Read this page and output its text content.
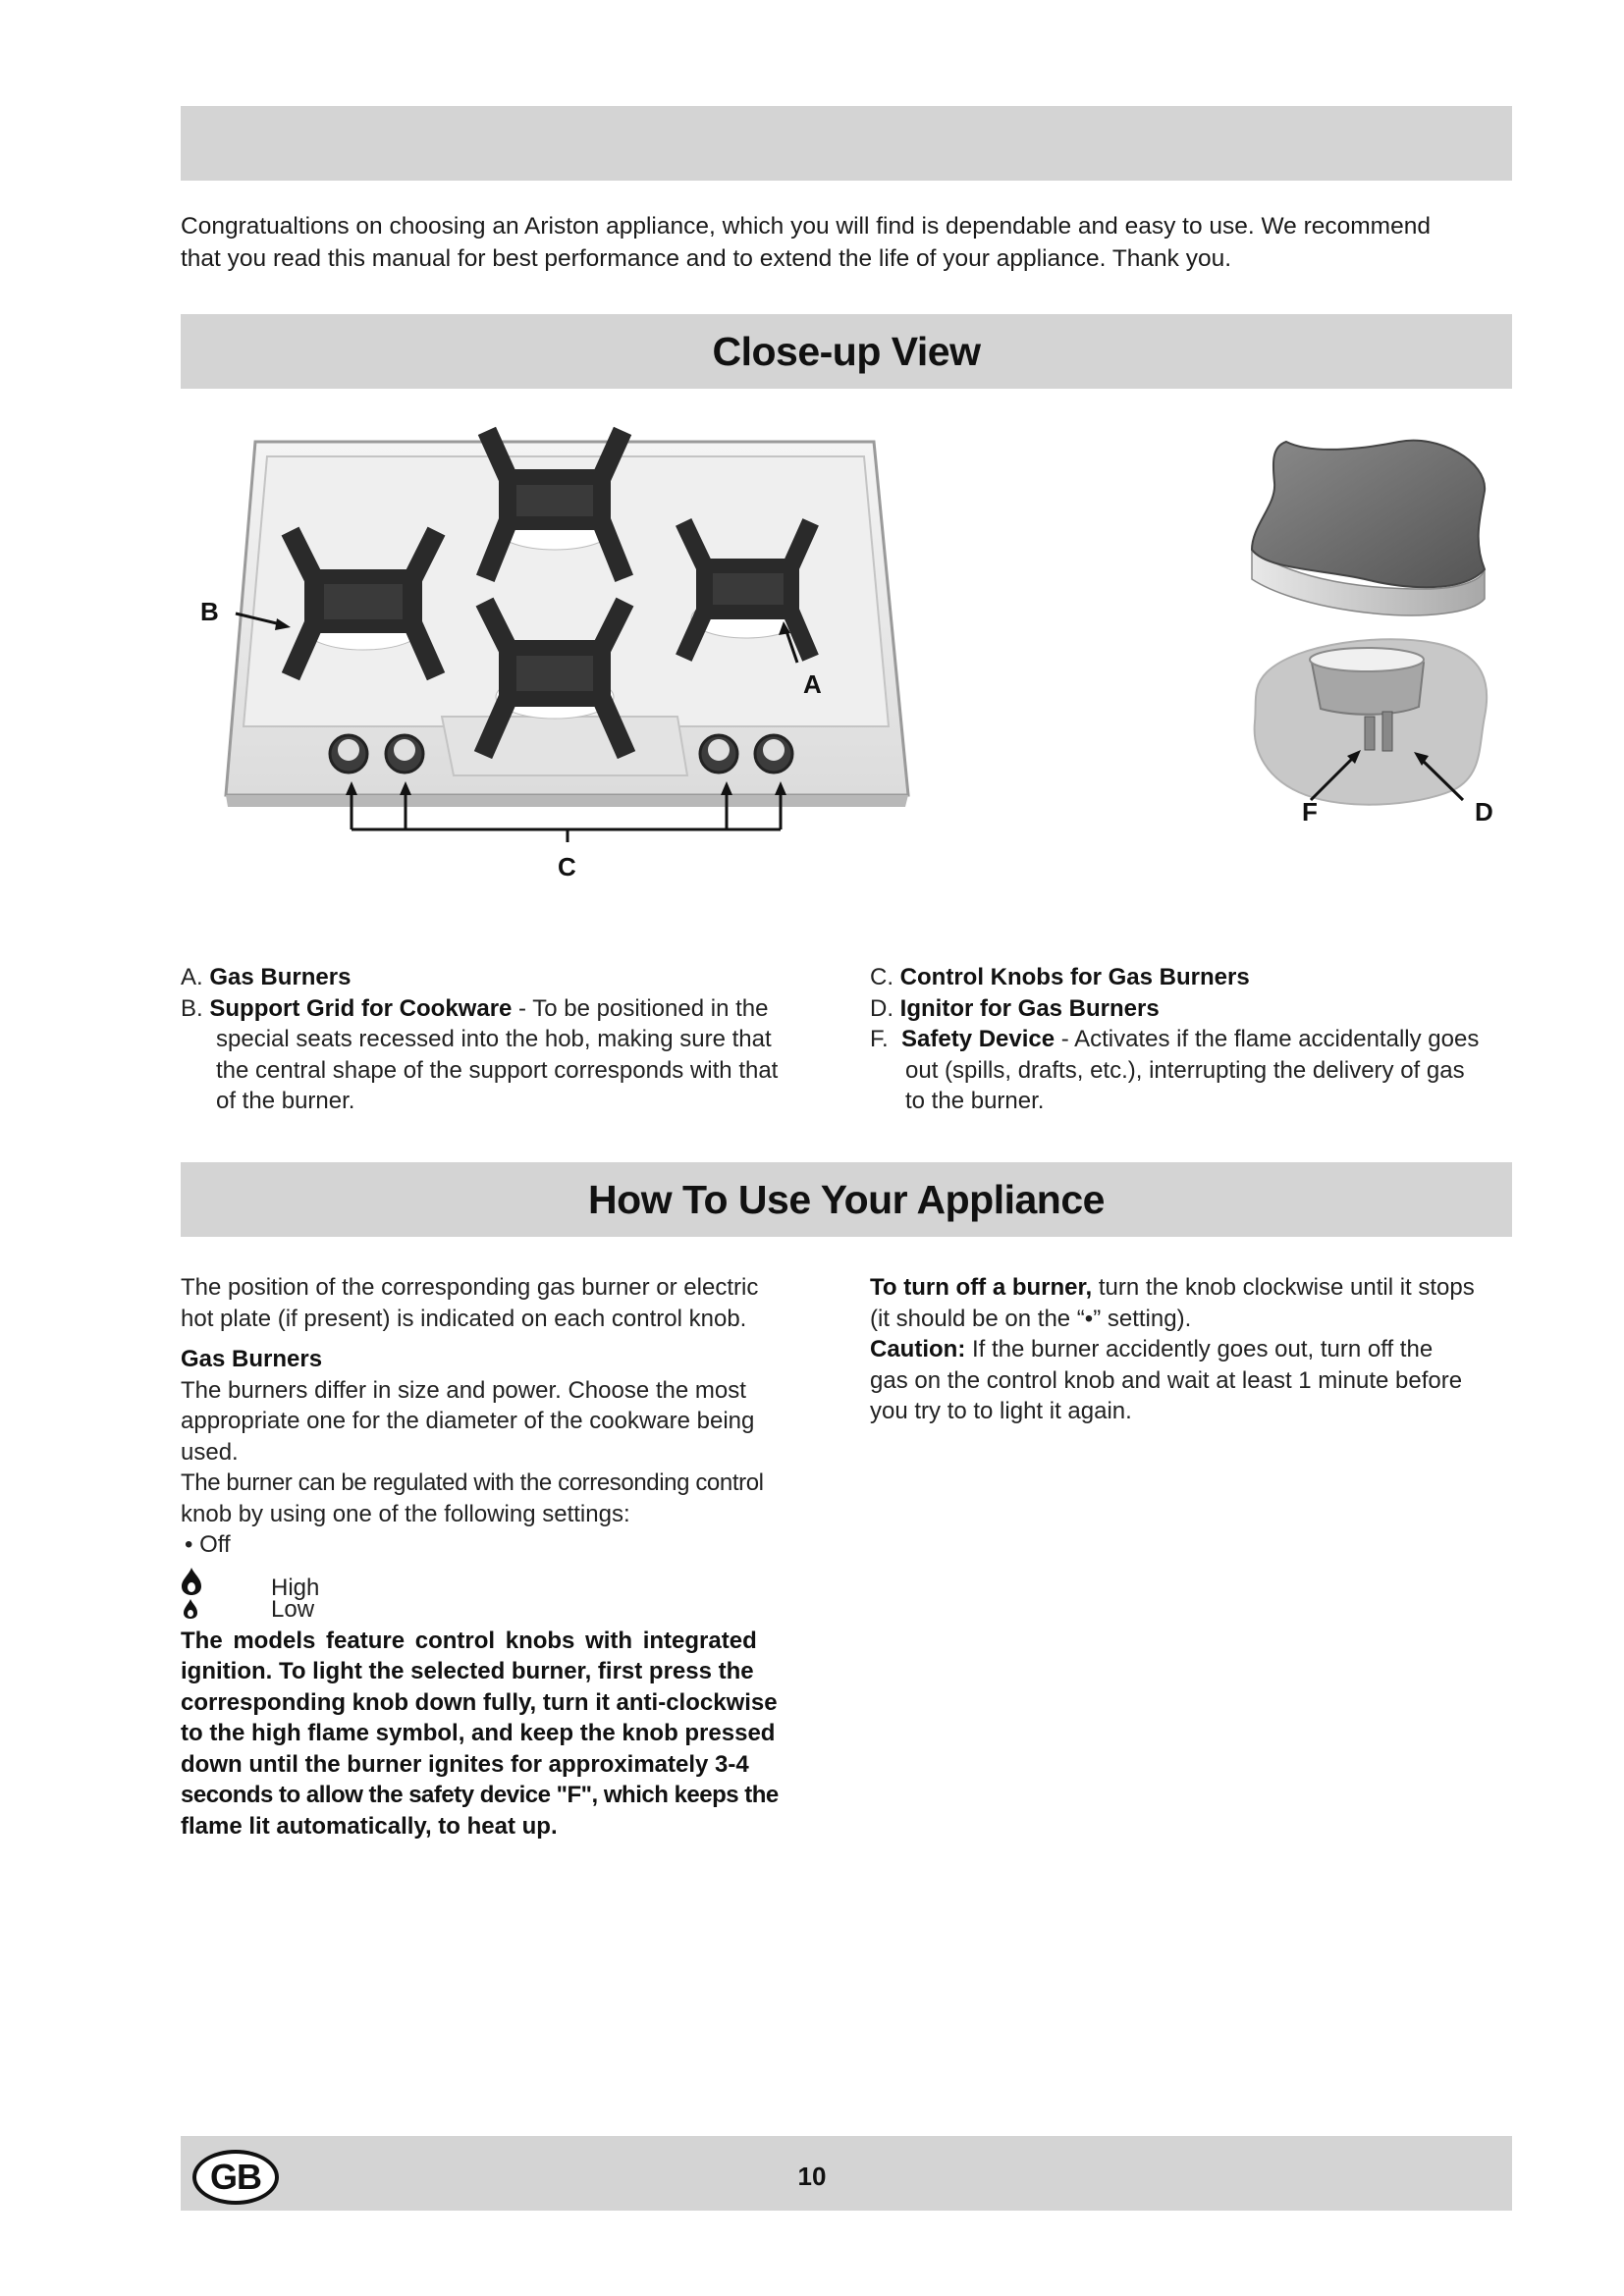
Congratualtions on choosing an Ariston appliance, which you will find is dependable and easy to use. We recommend
that you read this manual for best performance and to extend the life of your appliance. Thank you.
Close-up View
B
A
C
F	D
A. Gas Burners
B. Support Grid for Cookware - To be positioned in the
special seats recessed into the hob, making sure that
the central shape of the support corresponds with that
of the burner.
C. Control Knobs for Gas Burners
D. Ignitor for Gas Burners
F. Safety Device - Activates if the flame accidentally goes
out (spills, drafts, etc.), interrupting the delivery of gas
to the burner.
How To Use Your Appliance
The position of the corresponding gas burner or electric
hot plate (if present) is indicated on each control knob.
Gas Burners
The burners differ in size and power. Choose the most
appropriate one for the diameter of the cookware being
used.
The burner can be regulated with the corresonding control
knob by using one of the following settings:
• Off
High
Low
The models feature control knobs with integrated
ignition. To light the selected burner, first press the
corresponding knob down fully, turn it anti-clockwise
to the high flame symbol, and keep the knob pressed
down until the burner ignites for approximately 3-4
seconds to allow the safety device "F", which keeps the
flame lit automatically, to heat up.
To turn off a burner, turn the knob clockwise until it stops
(it should be on the “•” setting).
Caution: If the burner accidently goes out, turn off the
gas on the control knob and wait at least 1 minute before
you try to to light it again.
GB	10
